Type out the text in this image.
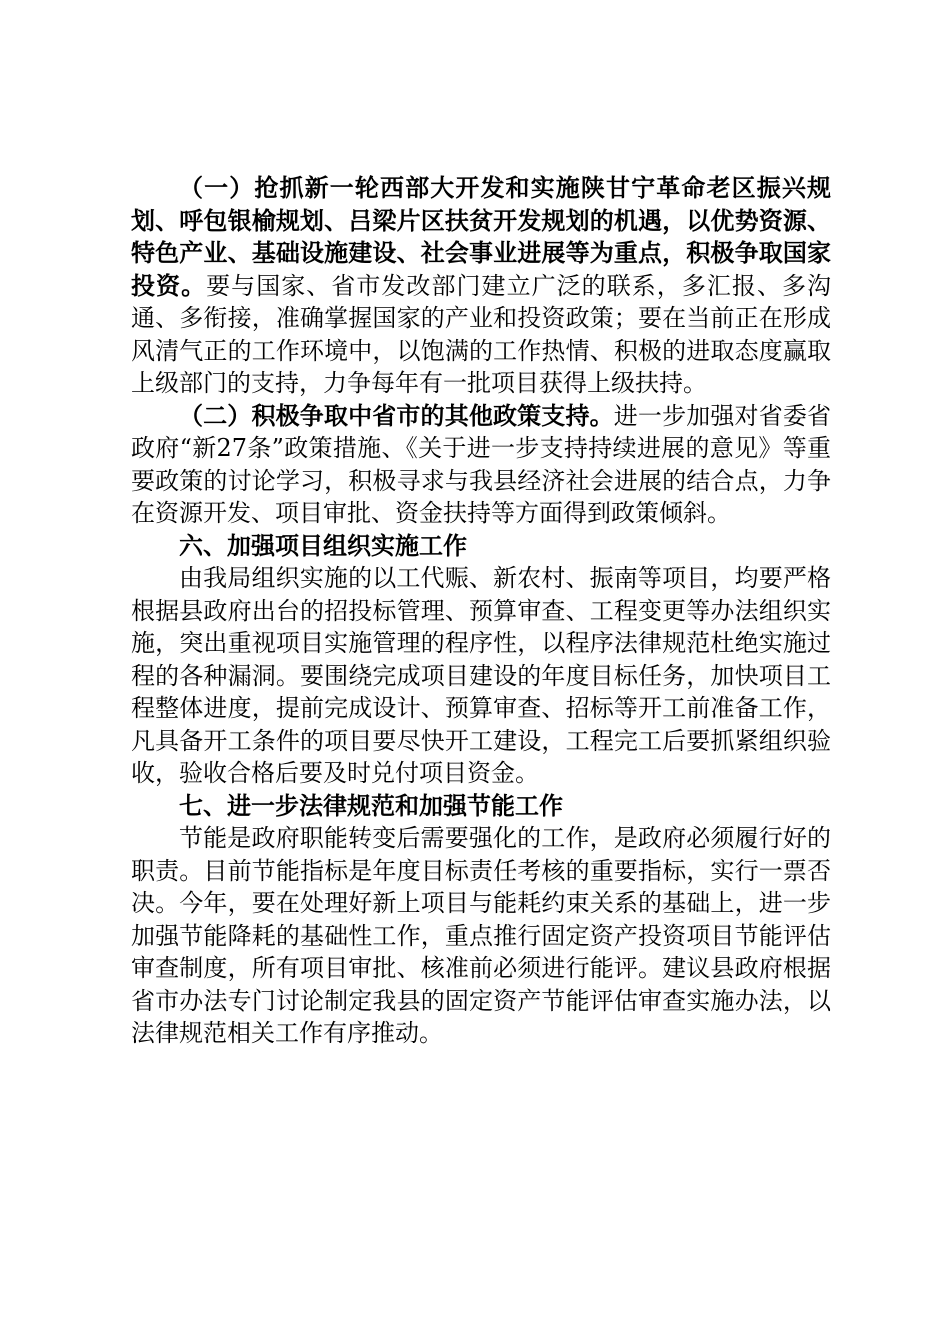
（一）抢抓新一轮西部大开发和实施陕甘宁革命老区振兴规划、呼包银榆规划、吕梁片区扶贫开发规划的机遇，以优势资源、特色产业、基础设施建设、社会事业进展等为重点，积极争取国家投资。要与国家、省市发改部门建立广泛的联系，多汇报、多沟通、多衔接，准确掌握国家的产业和投资政策；要在当前正在形成风清气正的工作环境中，以饱满的工作热情、积极的进取态度赢取上级部门的支持，力争每年有一批项目获得上级扶持。

（二）积极争取中省市的其他政策支持。进一步加强对省委省政府“新27条”政策措施、《关于进一步支持持续进展的意见》等重要政策的讨论学习，积极寻求与我县经济社会进展的结合点，力争在资源开发、项目审批、资金扶持等方面得到政策倾斜。

六、加强项目组织实施工作

由我局组织实施的以工代赈、新农村、振南等项目，均要严格根据县政府出台的招投标管理、预算审查、工程变更等办法组织实施，突出重视项目实施管理的程序性，以程序法律规范杜绝实施过程的各种漏洞。要围绕完成项目建设的年度目标任务，加快项目工程整体进度，提前完成设计、预算审查、招标等开工前准备工作，凡具备开工条件的项目要尽快开工建设，工程完工后要抓紧组织验收，验收合格后要及时兑付项目资金。

七、进一步法律规范和加强节能工作

节能是政府职能转变后需要强化的工作，是政府必须履行好的职责。目前节能指标是年度目标责任考核的重要指标，实行一票否决。今年，要在处理好新上项目与能耗约束关系的基础上，进一步加强节能降耗的基础性工作，重点推行固定资产投资项目节能评估审查制度，所有项目审批、核准前必须进行能评。建议县政府根据省市办法专门讨论制定我县的固定资产节能评估审查实施办法，以法律规范相关工作有序推动。
